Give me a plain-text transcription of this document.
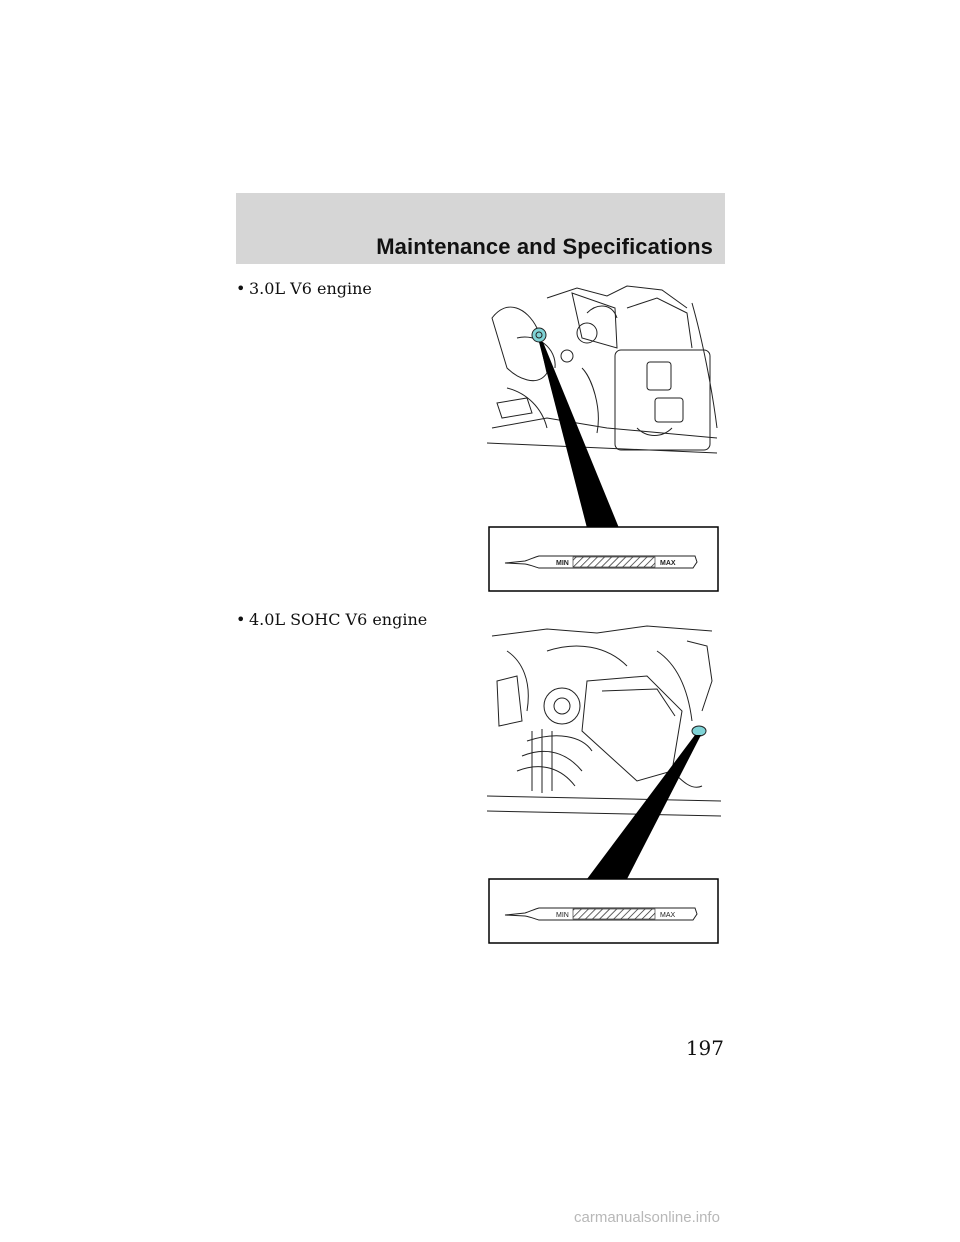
Maintenance and Specifications
• 3.0L V6 engine
MIN	MAX
• 4.0L SOHC V6 engine
MIN	MAX
197
carmanualsonline.info
